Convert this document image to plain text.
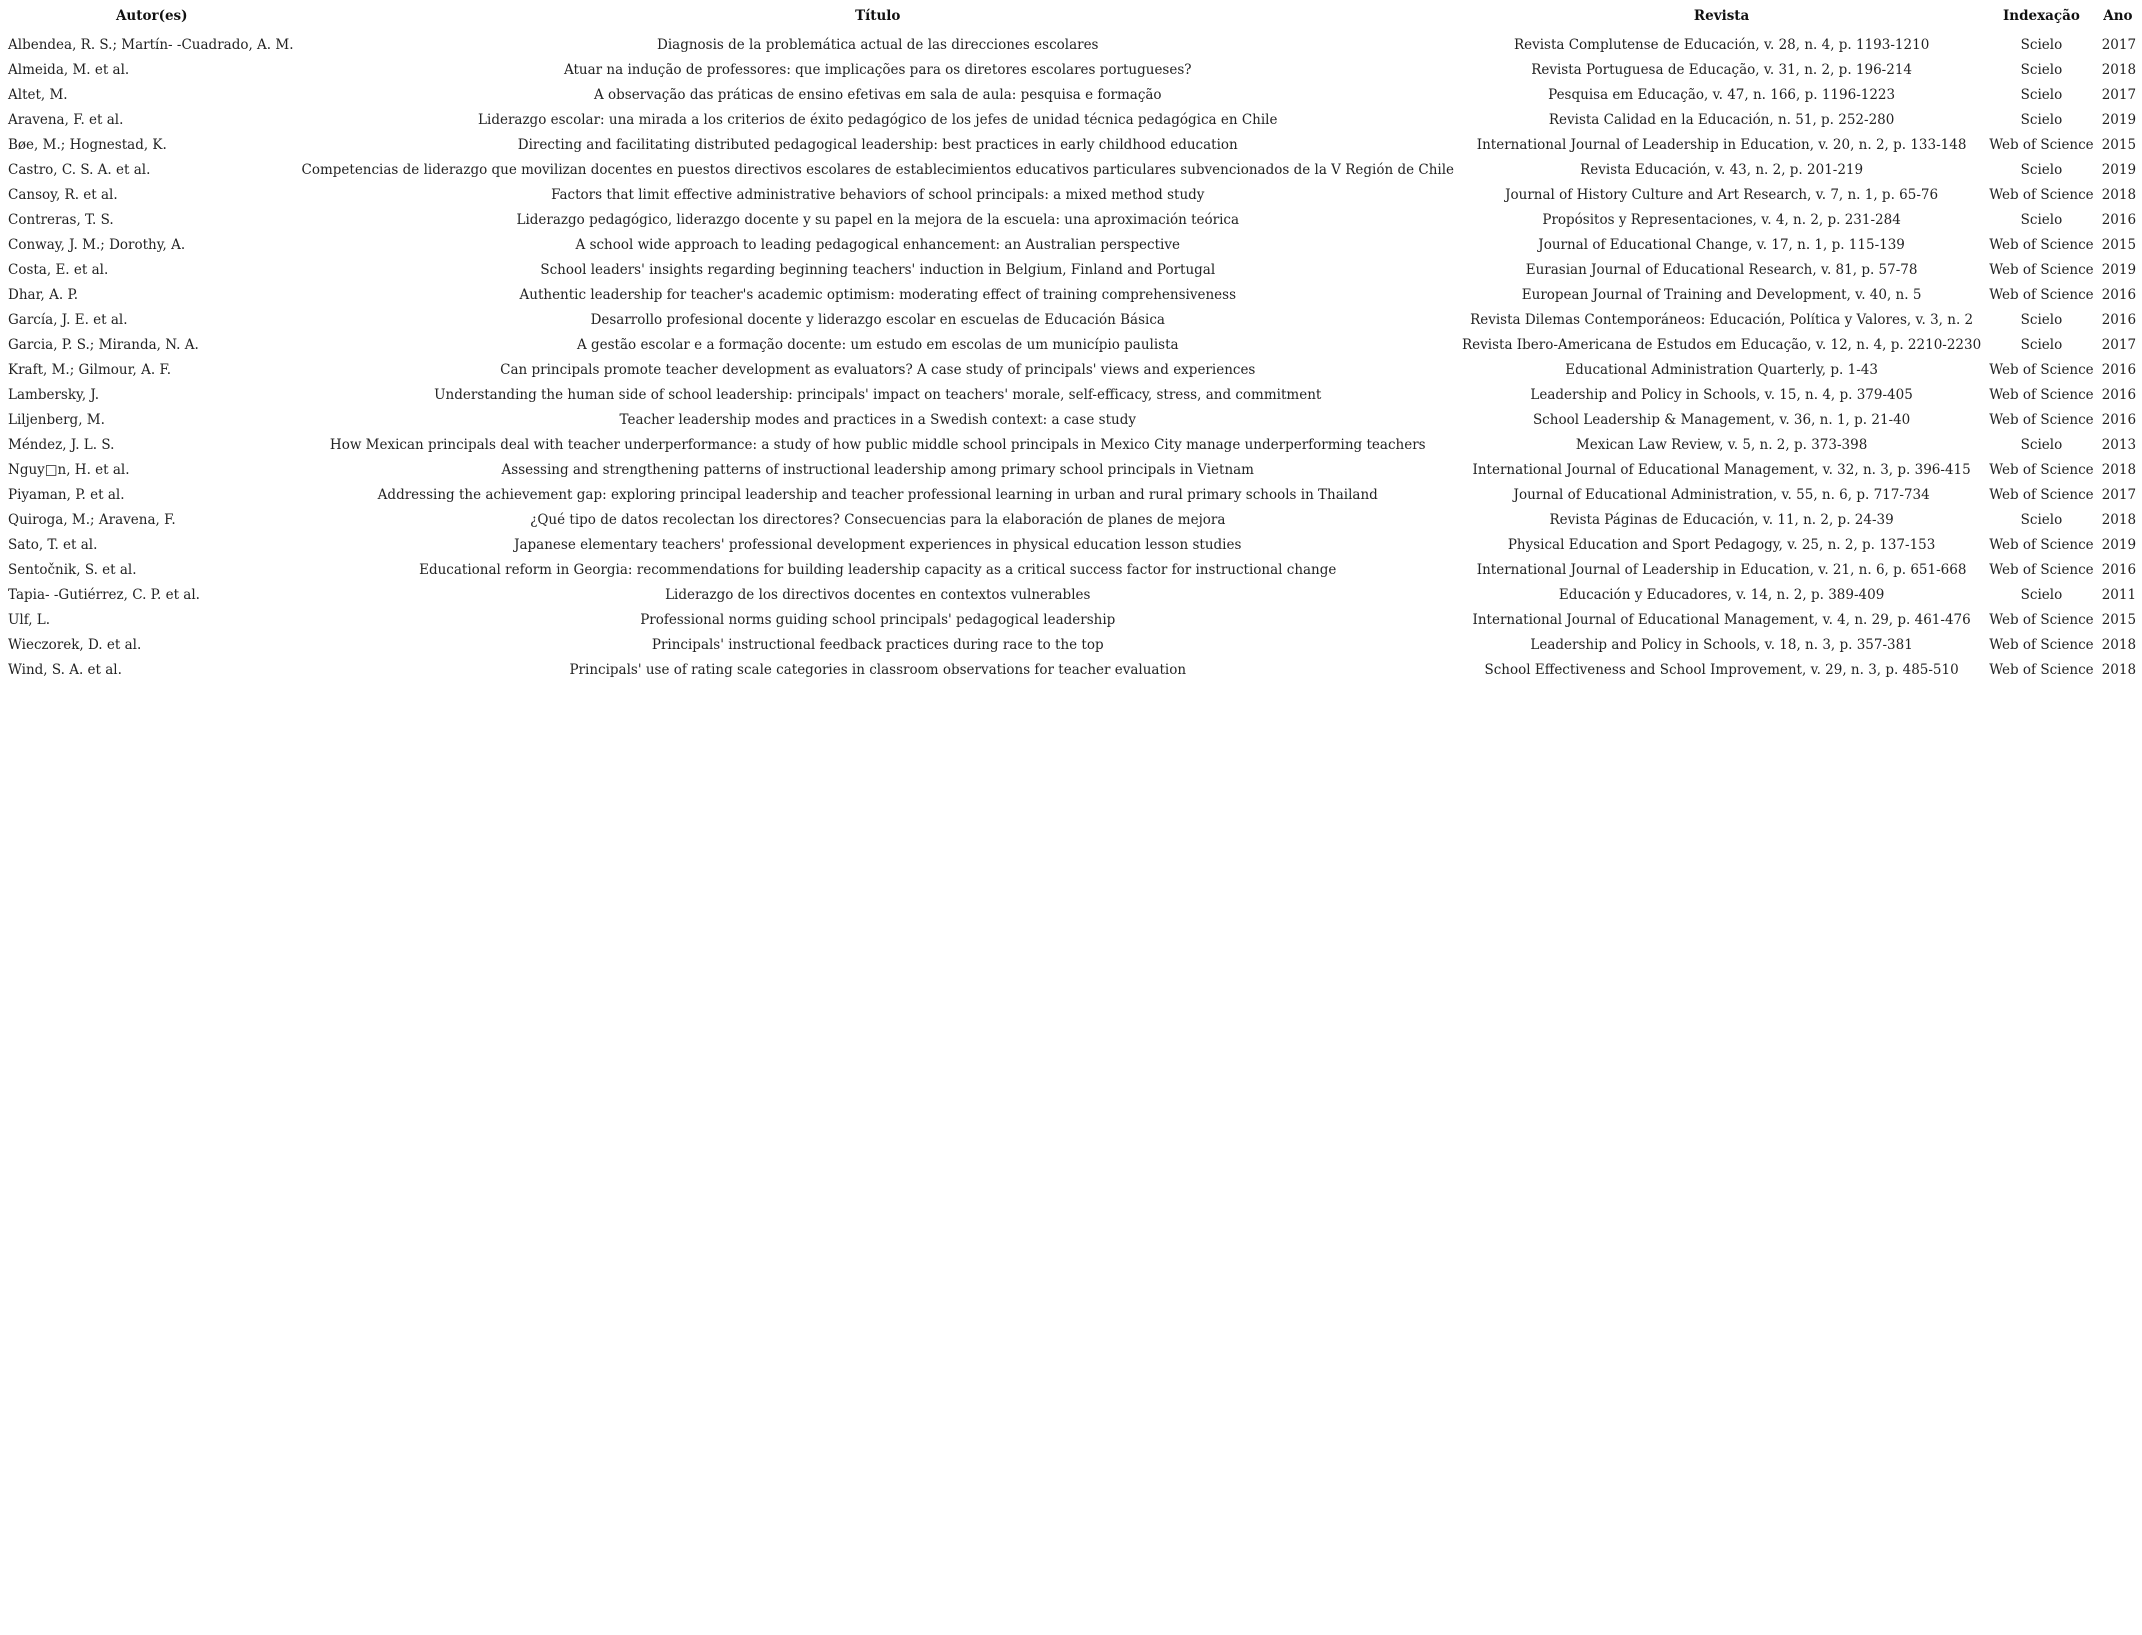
Autor(es)	Título	Revista	Indexação	Ano
Albendea, R. S.; Martín- -Cuadrado, A. M.	Diagnosis de la problemática actual de las direcciones escolares	Revista Complutense de Educación, v. 28, n. 4, p. 1193-1210	Scielo	2017
Almeida, M. et al.	Atuar na indução de professores: que implicações para os diretores escolares portugueses?	Revista Portuguesa de Educação, v. 31, n. 2, p. 196-214	Scielo	2018
Altet, M.	A observação das práticas de ensino efetivas em sala de aula: pesquisa e formação	Pesquisa em Educação, v. 47, n. 166, p. 1196-1223	Scielo	2017
Aravena, F. et al.	Liderazgo escolar: una mirada a los criterios de éxito pedagógico de los jefes de unidad técnica pedagógica en Chile	Revista Calidad en la Educación, n. 51, p. 252-280	Scielo	2019
Bøe, M.; Hognestad, K.	Directing and facilitating distributed pedagogical leadership: best practices in early childhood education	International Journal of Leadership in Education, v. 20, n. 2, p. 133-148	Web of Science	2015
Castro, C. S. A. et al.	Competencias de liderazgo que movilizan docentes en puestos directivos escolares de establecimientos educativos particulares subvencionados de la V Región de Chile	Revista Educación, v. 43, n. 2, p. 201-219	Scielo	2019
Cansoy, R. et al.	Factors that limit effective administrative behaviors of school principals: a mixed method study	Journal of History Culture and Art Research, v. 7, n. 1, p. 65-76	Web of Science	2018
Contreras, T. S.	Liderazgo pedagógico, liderazgo docente y su papel en la mejora de la escuela: una aproximación teórica	Propósitos y Representaciones, v. 4, n. 2, p. 231-284	Scielo	2016
Conway, J. M.; Dorothy, A.	A school wide approach to leading pedagogical enhancement: an Australian perspective	Journal of Educational Change, v. 17, n. 1, p. 115-139	Web of Science	2015
Costa, E. et al.	School leaders' insights regarding beginning teachers' induction in Belgium, Finland and Portugal	Eurasian Journal of Educational Research, v. 81, p. 57-78	Web of Science	2019
Dhar, A. P.	Authentic leadership for teacher's academic optimism: moderating effect of training comprehensiveness	European Journal of Training and Development, v. 40, n. 5	Web of Science	2016
García, J. E. et al.	Desarrollo profesional docente y liderazgo escolar en escuelas de Educación Básica	Revista Dilemas Contemporáneos: Educación, Política y Valores, v. 3, n. 2	Scielo	2016
Garcia, P. S.; Miranda, N. A.	A gestão escolar e a formação docente: um estudo em escolas de um município paulista	Revista Ibero-Americana de Estudos em Educação, v. 12, n. 4, p. 2210-2230	Scielo	2017
Kraft, M.; Gilmour, A. F.	Can principals promote teacher development as evaluators? A case study of principals' views and experiences	Educational Administration Quarterly, p. 1-43	Web of Science	2016
Lambersky, J.	Understanding the human side of school leadership: principals' impact on teachers' morale, self-efficacy, stress, and commitment	Leadership and Policy in Schools, v. 15, n. 4, p. 379-405	Web of Science	2016
Liljenberg, M.	Teacher leadership modes and practices in a Swedish context: a case study	School Leadership & Management, v. 36, n. 1, p. 21-40	Web of Science	2016
Méndez, J. L. S.	How Mexican principals deal with teacher underperformance: a study of how public middle school principals in Mexico City manage underperforming teachers	Mexican Law Review, v. 5, n. 2, p. 373-398	Scielo	2013
Nguy□n, H. et al.	Assessing and strengthening patterns of instructional leadership among primary school principals in Vietnam	International Journal of Educational Management, v. 32, n. 3, p. 396-415	Web of Science	2018
Piyaman, P. et al.	Addressing the achievement gap: exploring principal leadership and teacher professional learning in urban and rural primary schools in Thailand	Journal of Educational Administration, v. 55, n. 6, p. 717-734	Web of Science	2017
Quiroga, M.; Aravena, F.	¿Qué tipo de datos recolectan los directores? Consecuencias para la elaboración de planes de mejora	Revista Páginas de Educación, v. 11, n. 2, p. 24-39	Scielo	2018
Sato, T. et al.	Japanese elementary teachers' professional development experiences in physical education lesson studies	Physical Education and Sport Pedagogy, v. 25, n. 2, p. 137-153	Web of Science	2019
Sentočnik, S. et al.	Educational reform in Georgia: recommendations for building leadership capacity as a critical success factor for instructional change	International Journal of Leadership in Education, v. 21, n. 6, p. 651-668	Web of Science	2016
Tapia- -Gutiérrez, C. P. et al.	Liderazgo de los directivos docentes en contextos vulnerables	Educación y Educadores, v. 14, n. 2, p. 389-409	Scielo	2011
Ulf, L.	Professional norms guiding school principals' pedagogical leadership	International Journal of Educational Management, v. 4, n. 29, p. 461-476	Web of Science	2015
Wieczorek, D. et al.	Principals' instructional feedback practices during race to the top	Leadership and Policy in Schools, v. 18, n. 3, p. 357-381	Web of Science	2018
Wind, S. A. et al.	Principals' use of rating scale categories in classroom observations for teacher evaluation	School Effectiveness and School Improvement, v. 29, n. 3, p. 485-510	Web of Science	2018
